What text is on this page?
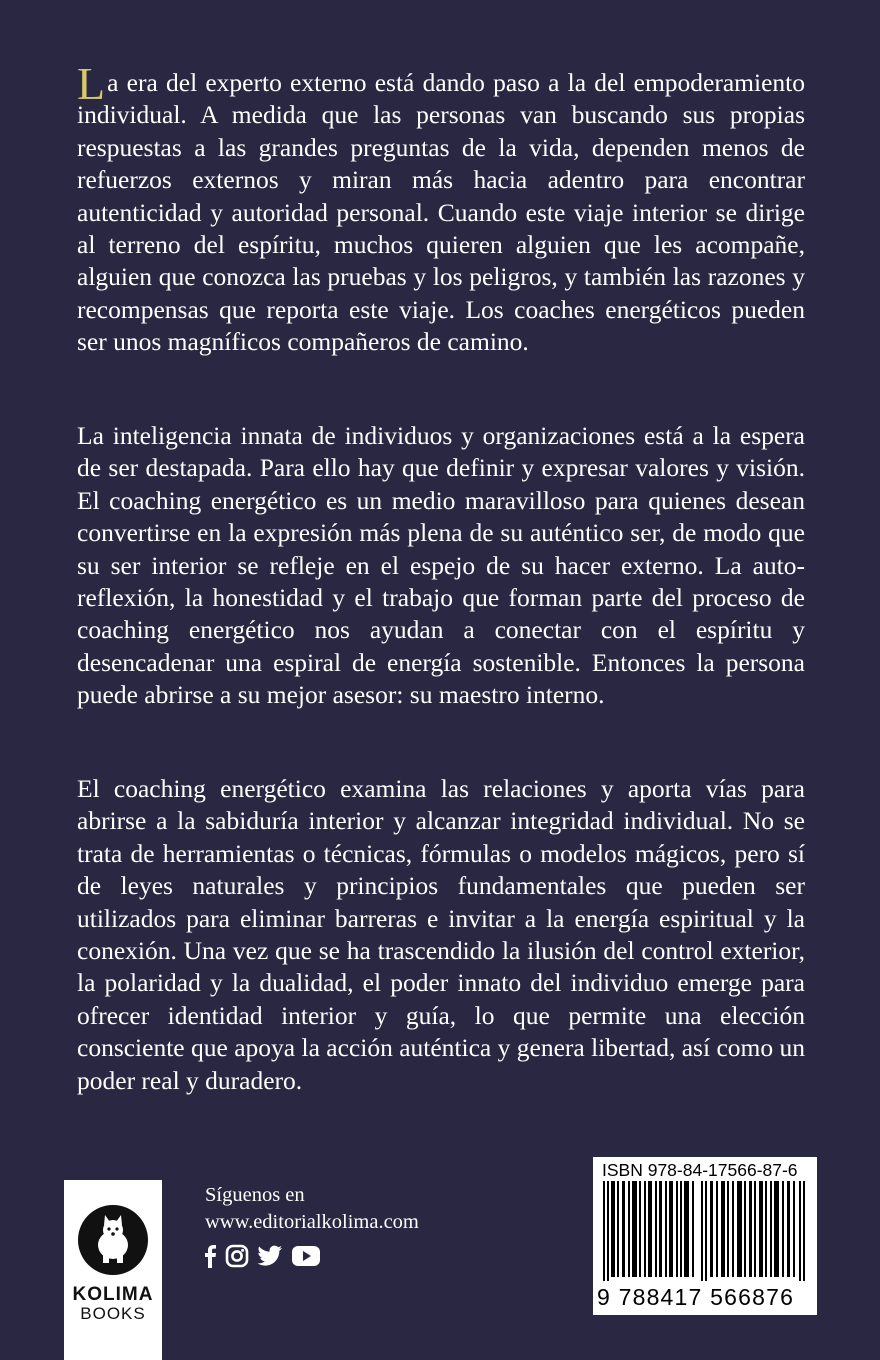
La era del experto externo está dando paso a la del empoderamiento individual. A medida que las personas van buscando sus propias respuestas a las grandes preguntas de la vida, dependen menos de refuerzos externos y miran más hacia adentro para encontrar autenticidad y autoridad personal. Cuando este viaje interior se dirige al terreno del espíritu, muchos quieren alguien que les acompañe, alguien que conozca las pruebas y los peligros, y también las razones y recompensas que reporta este viaje. Los coaches energéticos pueden ser unos magníficos compañeros de camino.

La inteligencia innata de individuos y organizaciones está a la espera de ser destapada. Para ello hay que definir y expresar valores y visión. El coaching energético es un medio maravilloso para quienes desean convertirse en la expresión más plena de su auténtico ser, de modo que su ser interior se refleje en el espejo de su hacer externo. La auto-reflexión, la honestidad y el trabajo que forman parte del proceso de coaching energético nos ayudan a conectar con el espíritu y desencadenar una espiral de energía sostenible. Entonces la persona puede abrirse a su mejor asesor: su maestro interno.

El coaching energético examina las relaciones y aporta vías para abrirse a la sabiduría interior y alcanzar integridad individual. No se trata de herramientas o técnicas, fórmulas o modelos mágicos, pero sí de leyes naturales y principios fundamentales que pueden ser utilizados para eliminar barreras e invitar a la energía espiritual y la conexión. Una vez que se ha trascendido la ilusión del control exterior, la polaridad y la dualidad, el poder innato del individuo emerge para ofrecer identidad interior y guía, lo que permite una elección consciente que apoya la acción auténtica y genera libertad, así como un poder real y duradero.

KOLIMA
BOOKS
Síguenos en
www.editorialkolima.com
ISBN 978-84-17566-87-6
9 788417 566876
